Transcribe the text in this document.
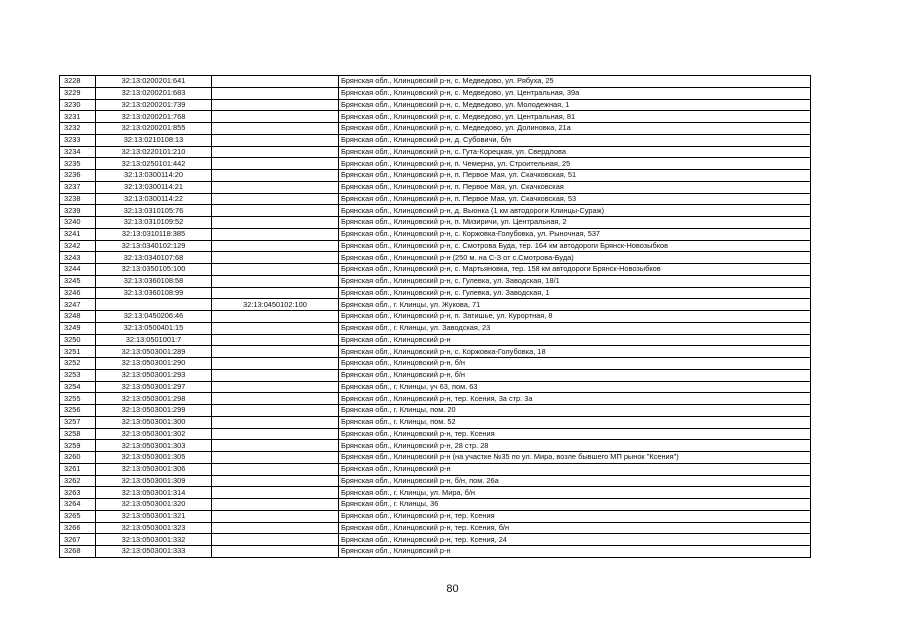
3228	32:13:0200201:641		Брянская обл., Клинцовский р-н, с. Медведово, ул. Рябуха, 25
3229	32:13:0200201:683		Брянская обл., Клинцовский р-н, с. Медведово, ул. Центральная, 39а
3230	32:13:0200201:739		Брянская обл., Клинцовский р-н, с. Медведово, ул. Молодежная, 1
3231	32:13:0200201:768		Брянская обл., Клинцовский р-н, с. Медведово, ул. Центральная, 81
3232	32:13:0200201:855		Брянская обл., Клинцовский р-н, с. Медведово, ул. Долиновка, 21а
3233	32:13:0210108:13		Брянская обл., Клинцовский р-н, д. Субовичи, б/н
3234	32:13:0220101:210		Брянская обл., Клинцовский р-н, с. Гута-Корецкая, ул. Свердлова
3235	32:13:0250101:442		Брянская обл., Клинцовский р-н, п. Чемерна, ул. Строительная, 25
3236	32:13:0300114:20		Брянская обл., Клинцовский р-н, п. Первое Мая, ул. Скачковская, 51
3237	32:13:0300114:21		Брянская обл., Клинцовский р-н, п. Первое Мая, ул. Скачковская
3238	32:13:0300114:22		Брянская обл., Клинцовский р-н, п. Первое Мая, ул. Скачковская, 53
3239	32:13:0310105:76		Брянская обл., Клинцовский р-н, д. Вьюнка (1 км автодороги Клинцы-Сураж)
3240	32:13:0310109:52		Брянская обл., Клинцовский р-н, п. Мизиричи, ул. Центральная, 2
3241	32:13:0310118:385		Брянская обл., Клинцовский р-н, с. Коржовка-Голубовка, ул. Рыночная, 537
3242	32:13:0340102:129		Брянская обл., Клинцовский р-н, с. Смотрова Буда, тер. 164 км автодороги Брянск-Новозыбков
3243	32:13:0340107:68		Брянская обл., Клинцовский р-н (250 м. на С-З от с.Смотрова-Буда)
3244	32:13:0350105:100		Брянская обл., Клинцовский р-н, с. Мартьяновка, тер. 158 км автодороги Брянск-Новозыбков
3245	32:13:0360108:58		Брянская обл., Клинцовский р-н, с. Гулевка, ул. Заводская, 18/1
3246	32:13:0360108:99		Брянская обл., Клинцовский р-н, с. Гулевка, ул. Заводская, 1
3247		32:13:0450102:100	Брянская обл., г. Клинцы, ул. Жукова, 71
3248	32:13:0450206:46		Брянская обл., Клинцовский р-н, п. Затишье, ул. Курортная, 8
3249	32:13:0500401:15		Брянская обл., г. Клинцы, ул. Заводская, 23
3250	32:13:0501001:7		Брянская обл., Клинцовский р-н
3251	32:13:0503001:289		Брянская обл., Клинцовский р-н, с. Коржовка-Голубовка, 18
3252	32:13:0503001:290		Брянская обл., Клинцовский р-н, б/н
3253	32:13:0503001:293		Брянская обл., Клинцовский р-н, б/н
3254	32:13:0503001:297		Брянская обл., г. Клинцы, уч 63, пом. 63
3255	32:13:0503001:298		Брянская обл., Клинцовский р-н, тер. Ксения, 3а стр. 3а
3256	32:13:0503001:299		Брянская обл., г. Клинцы, пом. 20
3257	32:13:0503001:300		Брянская обл., г. Клинцы, пом. 52
3258	32:13:0503001:302		Брянская обл., Клинцовский р-н, тер. Ксения
3259	32:13:0503001:303		Брянская обл., Клинцовский р-н, 28 стр. 28
3260	32:13:0503001:305		Брянская обл., Клинцовский р-н (на участке №35 по ул. Мира, возле бывшего МП рынок "Ксения")
3261	32:13:0503001:306		Брянская обл., Клинцовский р-н
3262	32:13:0503001:309		Брянская обл., Клинцовский р-н, б/н, пом. 26а
3263	32:13:0503001:314		Брянская обл., г. Клинцы, ул. Мира, б/н
3264	32:13:0503001:320		Брянская обл., г. Клинцы, 36
3265	32:13:0503001:321		Брянская обл., Клинцовский р-н, тер. Ксения
3266	32:13:0503001:323		Брянская обл., Клинцовский р-н, тер. Ксения, б/н
3267	32:13:0503001:332		Брянская обл., Клинцовский р-н, тер. Ксения, 24
3268	32:13:0503001:333		Брянская обл., Клинцовский р-н
80
